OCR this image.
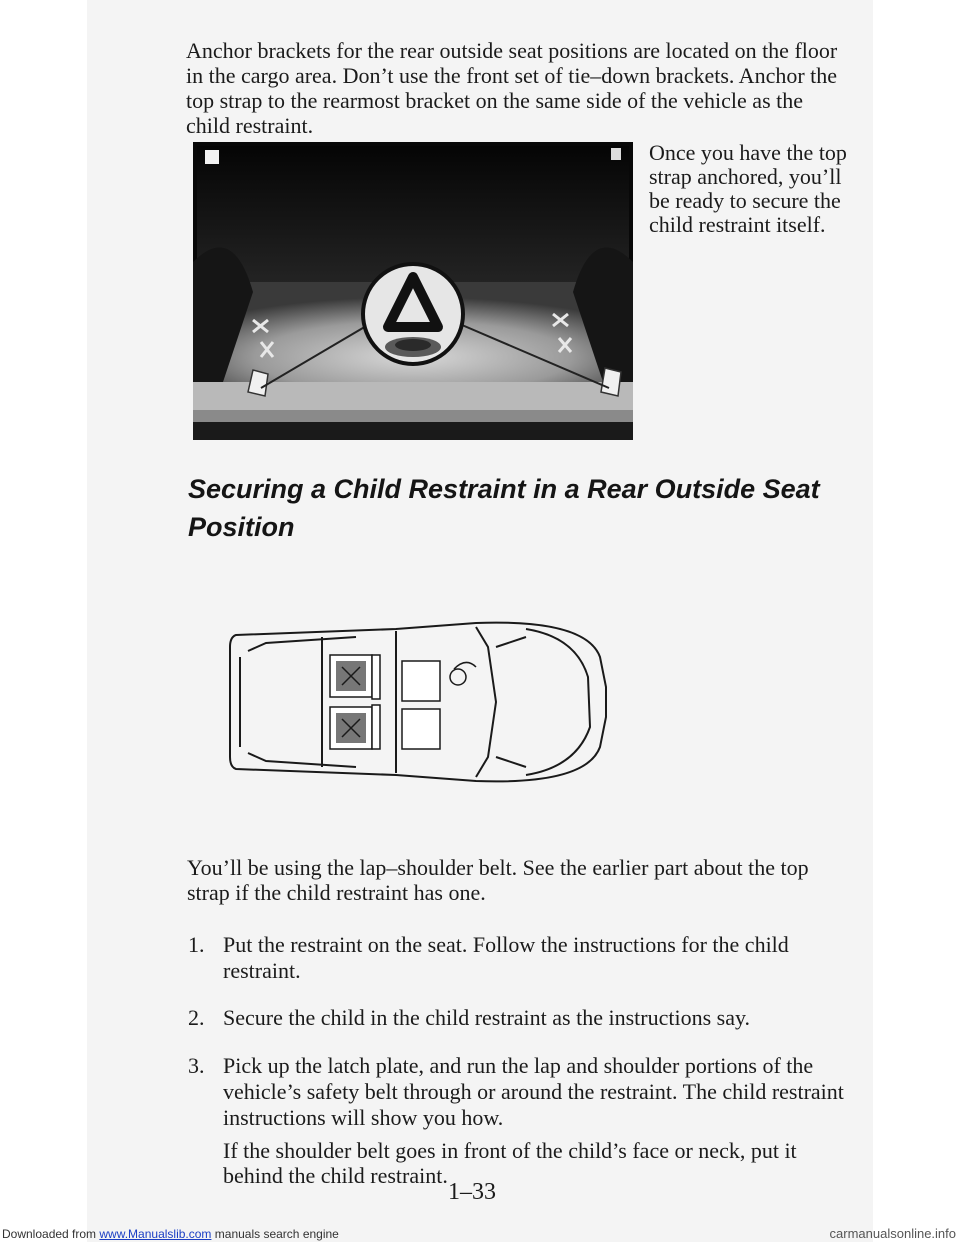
Anchor brackets for the rear outside seat positions are located on the floor in the cargo area. Don’t use the front set of tie–down brackets. Anchor the top strap to the rearmost bracket on the same side of the vehicle as the child restraint.
Once you have the top strap anchored, you’ll be ready to secure the child restraint itself.
Securing a Child Restraint in a Rear Outside Seat Position
You’ll be using the lap–shoulder belt. See the earlier part about the top strap if the child restraint has one.
1. Put the restraint on the seat. Follow the instructions for the child restraint.
2. Secure the child in the child restraint as the instructions say.
3. Pick up the latch plate, and run the lap and shoulder portions of the vehicle’s safety belt through or around the restraint. The child restraint instructions will show you how.
If the shoulder belt goes in front of the child’s face or neck, put it behind the child restraint.
1–33
Downloaded from www.Manualslib.com manuals search engine	carmanualsonline.info
